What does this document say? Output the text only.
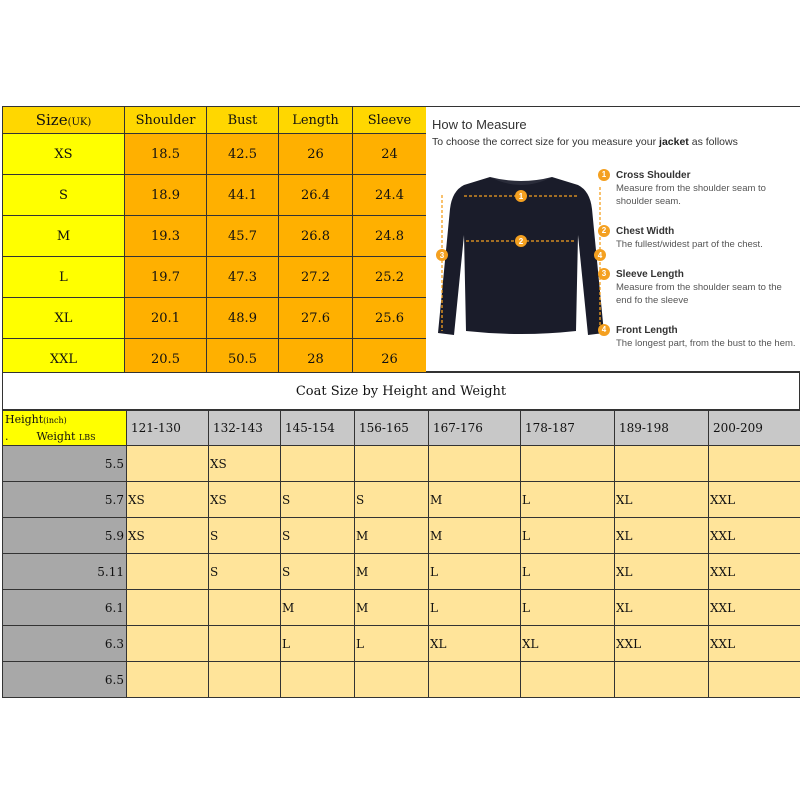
Size(UK)	Shoulder	Bust	Length	Sleeve
XS	18.5	42.5	26	24
S	18.9	44.1	26.4	24.4
M	19.3	45.7	26.8	24.8
L	19.7	47.3	27.2	25.2
XL	20.1	48.9	27.6	25.6
XXL	20.5	50.5	28	26
How to Measure
To choose the correct size for you measure your jacket as follows
1
2
3	4
1 Cross Shoulder
Measure from the shoulder seam to shoulder seam.
2 Chest Width
The fullest/widest part of the chest.
3 Sleeve Length
Measure from the shoulder seam to the end fo the sleeve
4 Front Length
The longest part, from the bust to the hem.
Coat Size by Height and Weight
Height(inch)
. Weight LBS	121-130	132-143	145-154	156-165	167-176	178-187	189-198	200-209
5.5		XS						
5.7	XS	XS	S	S	M	L	XL	XXL
5.9	XS	S	S	M	M	L	XL	XXL
5.11		S	S	M	L	L	XL	XXL
6.1			M	M	L	L	XL	XXL
6.3			L	L	XL	XL	XXL	XXL
6.5								
